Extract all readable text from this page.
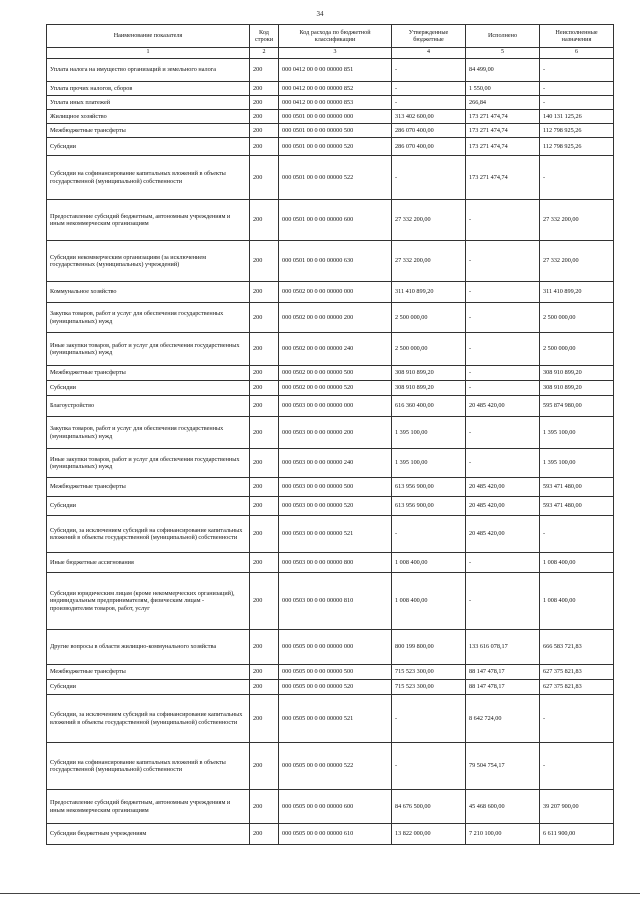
34
Наименование показателя	Код строки	Код расхода по бюджетной классификации	Утвержденные бюджетные	Исполнено	Неисполненные назначения
1	2	3	4	5	6
Уплата налога на имущество организаций и земельного налога	200	000 0412 00 0 00 00000 851	-	84 499,00	-
Уплата прочих налогов, сборов	200	000 0412 00 0 00 00000 852	-	1 550,00	-
Уплата иных платежей	200	000 0412 00 0 00 00000 853	-	266,84	-
Жилищное хозяйство	200	000 0501 00 0 00 00000 000	313 402 600,00	173 271 474,74	140 131 125,26
Межбюджетные трансферты	200	000 0501 00 0 00 00000 500	286 070 400,00	173 271 474,74	112 798 925,26
Субсидии	200	000 0501 00 0 00 00000 520	286 070 400,00	173 271 474,74	112 798 925,26
Субсидии на софинансирование капитальных вложений в объекты государственной (муниципальной) собственности	200	000 0501 00 0 00 00000 522	-	173 271 474,74	-
Предоставление субсидий бюджетным, автономным учреждениям и иным некоммерческим организациям	200	000 0501 00 0 00 00000 600	27 332 200,00	-	27 332 200,00
Субсидии некоммерческим организациям (за исключением государственных (муниципальных) учреждений)	200	000 0501 00 0 00 00000 630	27 332 200,00	-	27 332 200,00
Коммунальное хозяйство	200	000 0502 00 0 00 00000 000	311 410 899,20	-	311 410 899,20
Закупка товаров, работ и услуг для обеспечения государственных (муниципальных) нужд	200	000 0502 00 0 00 00000 200	2 500 000,00	-	2 500 000,00
Иные закупки товаров, работ и услуг для обеспечения государственных (муниципальных) нужд	200	000 0502 00 0 00 00000 240	2 500 000,00	-	2 500 000,00
Межбюджетные трансферты	200	000 0502 00 0 00 00000 500	308 910 899,20	-	308 910 899,20
Субсидии	200	000 0502 00 0 00 00000 520	308 910 899,20	-	308 910 899,20
Благоустройство	200	000 0503 00 0 00 00000 000	616 360 400,00	20 485 420,00	595 874 980,00
Закупка товаров, работ и услуг для обеспечения государственных (муниципальных) нужд	200	000 0503 00 0 00 00000 200	1 395 100,00	-	1 395 100,00
Иные закупки товаров, работ и услуг для обеспечения государственных (муниципальных) нужд	200	000 0503 00 0 00 00000 240	1 395 100,00	-	1 395 100,00
Межбюджетные трансферты	200	000 0503 00 0 00 00000 500	613 956 900,00	20 485 420,00	593 471 480,00
Субсидии	200	000 0503 00 0 00 00000 520	613 956 900,00	20 485 420,00	593 471 480,00
Субсидии, за исключением субсидий на софинансирование капитальных вложений в объекты государственной (муниципальной) собственности	200	000 0503 00 0 00 00000 521	-	20 485 420,00	-
Иные бюджетные ассигнования	200	000 0503 00 0 00 00000 800	1 008 400,00	-	1 008 400,00
Субсидии юридическим лицам (кроме некоммерческих организаций), индивидуальным предпринимателям, физическим лицам - производителям товаров, работ, услуг	200	000 0503 00 0 00 00000 810	1 008 400,00	-	1 008 400,00
Другие вопросы в области жилищно-коммунального хозяйства	200	000 0505 00 0 00 00000 000	800 199 800,00	133 616 078,17	666 583 721,83
Межбюджетные трансферты	200	000 0505 00 0 00 00000 500	715 523 300,00	88 147 478,17	627 375 821,83
Субсидии	200	000 0505 00 0 00 00000 520	715 523 300,00	88 147 478,17	627 375 821,83
Субсидии, за исключением субсидий на софинансирование капитальных вложений в объекты государственной (муниципальной) собственности	200	000 0505 00 0 00 00000 521	-	8 642 724,00	-
Субсидии на софинансирование капитальных вложений в объекты государственной (муниципальной) собственности	200	000 0505 00 0 00 00000 522	-	79 504 754,17	-
Предоставление субсидий бюджетным, автономным учреждениям и иным некоммерческим организациям	200	000 0505 00 0 00 00000 600	84 676 500,00	45 468 600,00	39 207 900,00
Субсидии бюджетным учреждениям	200	000 0505 00 0 00 00000 610	13 822 000,00	7 210 100,00	6 611 900,00
